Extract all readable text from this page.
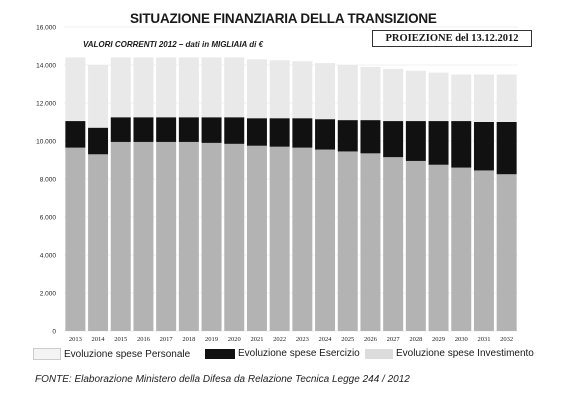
SITUAZIONE FINANZIARIA DELLA TRANSIZIONE
PROIEZIONE del 13.12.2012
16.000
14.000
12.000
10.000
8.000
6.000
4.000
2.000
0
2013 2014 2015 2016 2017 2018 2019 2020 2021 2022 2023 2024 2025 2026 2027 2028 2029 2030 2031 2032
VALORI CORRENTI 2012 – dati in MIGLIAIA di €
Evoluzione spese Personale	Evoluzione spese Esercizio	Evoluzione spese Investimento
FONTE: Elaborazione Ministero della Difesa da Relazione Tecnica Legge 244 / 2012
